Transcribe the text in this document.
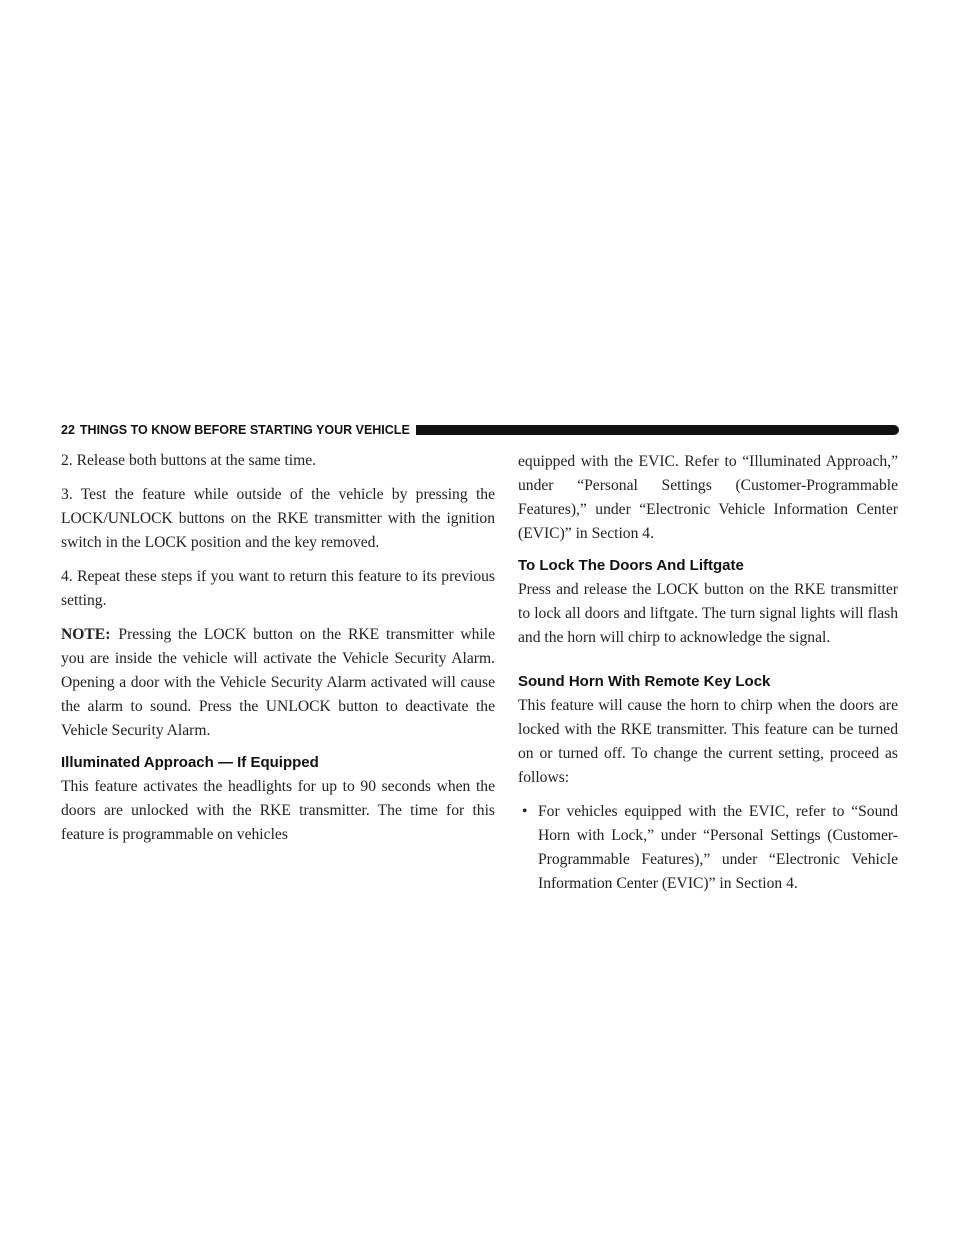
22 THINGS TO KNOW BEFORE STARTING YOUR VEHICLE

2. Release both buttons at the same time.

3. Test the feature while outside of the vehicle by pressing the LOCK/UNLOCK buttons on the RKE transmitter with the ignition switch in the LOCK position and the key removed.

4. Repeat these steps if you want to return this feature to its previous setting.

NOTE: Pressing the LOCK button on the RKE transmitter while you are inside the vehicle will activate the Vehicle Security Alarm. Opening a door with the Vehicle Security Alarm activated will cause the alarm to sound. Press the UNLOCK button to deactivate the Vehicle Security Alarm.

Illuminated Approach — If Equipped

This feature activates the headlights for up to 90 seconds when the doors are unlocked with the RKE transmitter. The time for this feature is programmable on vehicles

equipped with the EVIC. Refer to “Illuminated Approach,” under “Personal Settings (Customer-Programmable Features),” under “Electronic Vehicle Information Center (EVIC)” in Section 4.

To Lock The Doors And Liftgate

Press and release the LOCK button on the RKE transmitter to lock all doors and liftgate. The turn signal lights will flash and the horn will chirp to acknowledge the signal.

Sound Horn With Remote Key Lock

This feature will cause the horn to chirp when the doors are locked with the RKE transmitter. This feature can be turned on or turned off. To change the current setting, proceed as follows:

• For vehicles equipped with the EVIC, refer to “Sound Horn with Lock,” under “Personal Settings (Customer-Programmable Features),” under “Electronic Vehicle Information Center (EVIC)” in Section 4.
